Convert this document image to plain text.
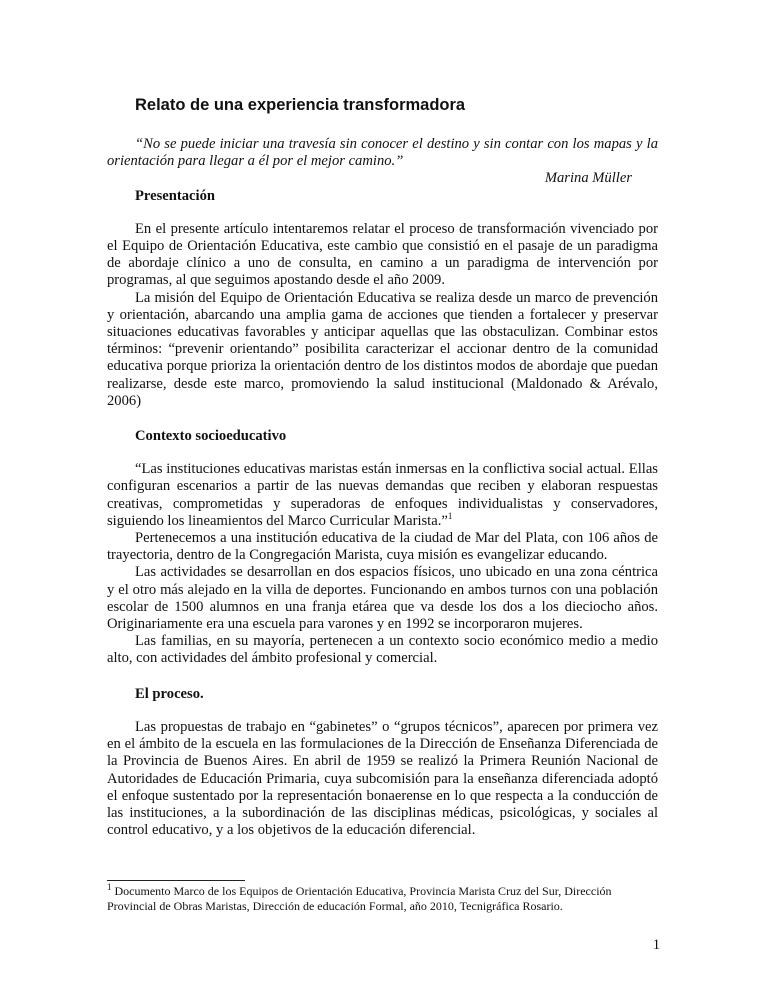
Relato de una experiencia transformadora

“No se puede iniciar una travesía sin conocer el destino y sin contar con los mapas y la orientación para llegar a él por el mejor camino.”

Marina Müller

Presentación

En el presente artículo intentaremos relatar el proceso de transformación vivenciado por el Equipo de Orientación Educativa, este cambio que consistió en el pasaje de un paradigma de abordaje clínico a uno de consulta, en camino a un paradigma de intervención por programas, al que seguimos apostando desde el año 2009.

La misión del Equipo de Orientación Educativa se realiza desde un marco de prevención y orientación, abarcando una amplia gama de acciones que tienden a fortalecer y preservar situaciones educativas favorables y anticipar aquellas que las obstaculizan. Combinar estos términos: “prevenir orientando” posibilita caracterizar el accionar dentro de la comunidad educativa porque prioriza la orientación dentro de los distintos modos de abordaje que puedan realizarse, desde este marco, promoviendo la salud institucional (Maldonado & Arévalo, 2006)

Contexto socioeducativo

“Las instituciones educativas maristas están inmersas en la conflictiva social actual. Ellas configuran escenarios a partir de las nuevas demandas que reciben y elaboran respuestas creativas, comprometidas y superadoras de enfoques individualistas y conservadores, siguiendo los lineamientos del Marco Curricular Marista.”$^1$

Pertenecemos a una institución educativa de la ciudad de Mar del Plata, con 106 años de trayectoria, dentro de la Congregación Marista, cuya misión es evangelizar educando.

Las actividades se desarrollan en dos espacios físicos, uno ubicado en una zona céntrica y el otro más alejado en la villa de deportes. Funcionando en ambos turnos con una población escolar de 1500 alumnos en una franja etárea que va desde los dos a los dieciocho años. Originariamente era una escuela para varones y en 1992 se incorporaron mujeres.

Las familias, en su mayoría, pertenecen a un contexto socio económico medio a medio alto, con actividades del ámbito profesional y comercial.

El proceso.

Las propuestas de trabajo en “gabinetes” o “grupos técnicos”, aparecen por primera vez en el ámbito de la escuela en las formulaciones de la Dirección de Enseñanza Diferenciada de la Provincia de Buenos Aires. En abril de 1959 se realizó la Primera Reunión Nacional de Autoridades de Educación Primaria, cuya subcomisión para la enseñanza diferenciada adoptó el enfoque sustentado por la representación bonaerense en lo que respecta a la conducción de las instituciones, a la subordinación de las disciplinas médicas, psicológicas, y sociales al control educativo, y a los objetivos de la educación diferencial.

$^1$ Documento Marco de los Equipos de Orientación Educativa, Provincia Marista Cruz del Sur, Dirección Provincial de Obras Maristas, Dirección de educación Formal, año 2010, Tecnigráfica Rosario.

1
